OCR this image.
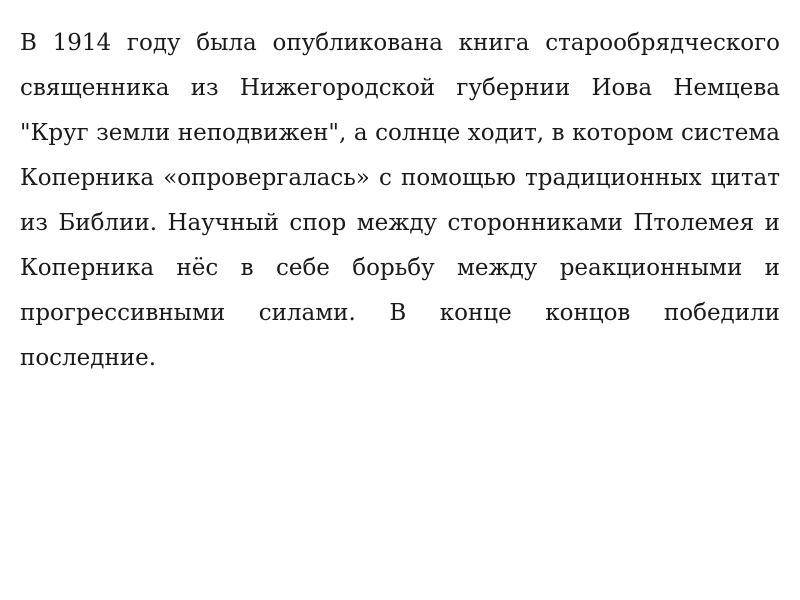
В 1914 году была опубликована книга старообрядческого священника из Нижегородской губернии Иова Немцева "Круг земли неподвижен", а солнце ходит, в котором система Коперника «опровергалась» с помощью традиционных цитат из Библии. Научный спор между сторонниками Птолемея и Коперника нёс в себе борьбу между реакционными и прогрессивными силами. В конце концов победили последние.
